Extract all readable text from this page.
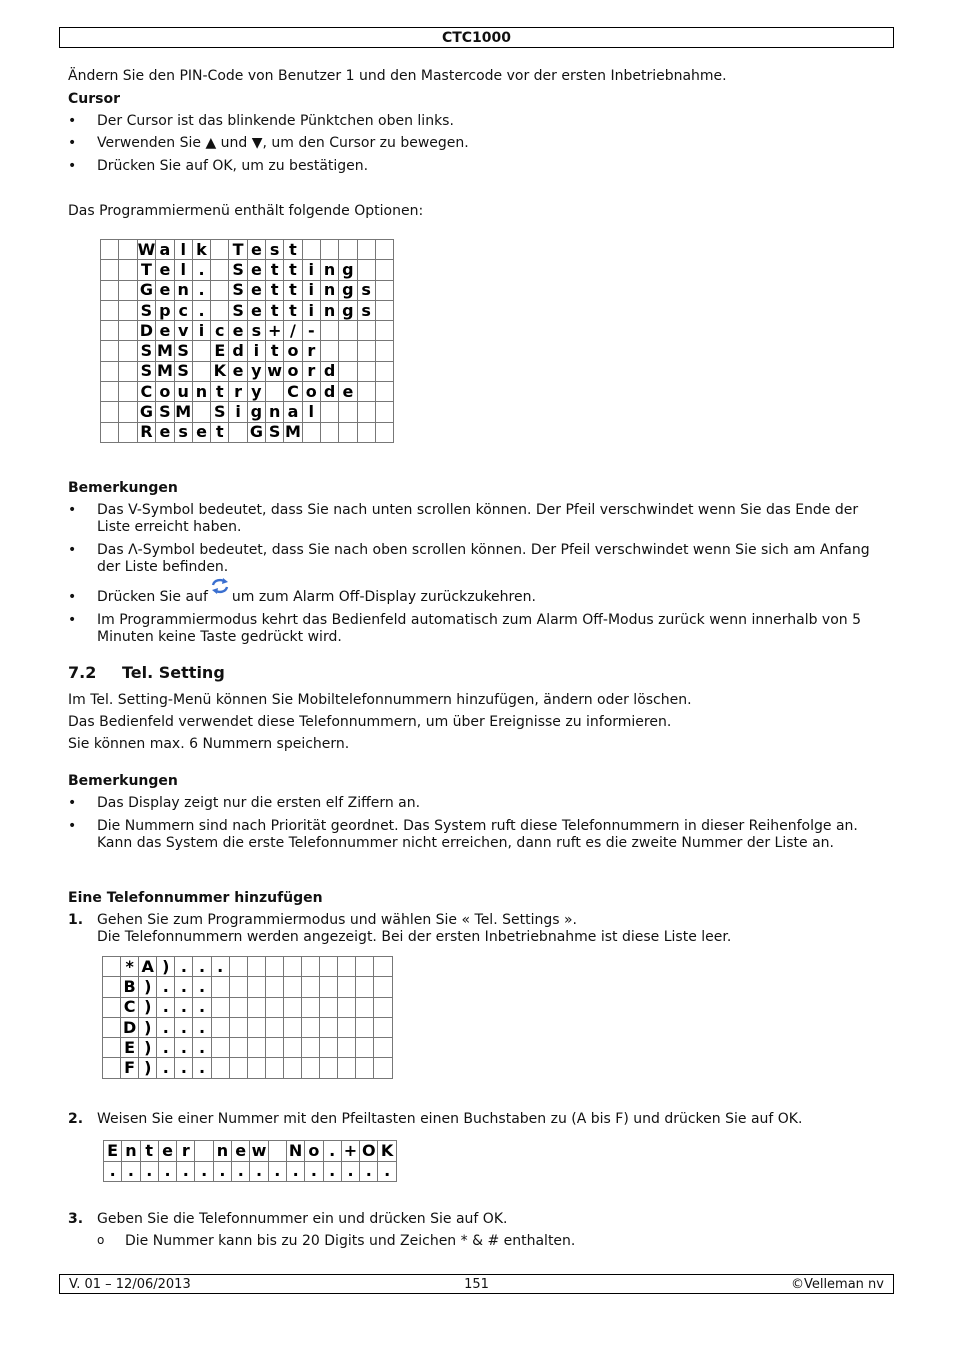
CTC1000
Ändern Sie den PIN-Code von Benutzer 1 und den Mastercode vor der ersten Inbetriebnahme.
Cursor
• Der Cursor ist das blinkende Pünktchen oben links.
• Verwenden Sie ▲ und ▼, um den Cursor zu bewegen.
• Drücken Sie auf OK, um zu bestätigen.
Das Programmiermenü enthält folgende Optionen:
		W	a	l	k		T	e	s	t					
		T	e	l	.		S	e	t	t	i	n	g		
		G	e	n	.		S	e	t	t	i	n	g	s	
		S	p	c	.		S	e	t	t	i	n	g	s	
		D	e	v	i	c	e	s	+	/	-				
		S	M	S		E	d	i	t	o	r				
		S	M	S		K	e	y	w	o	r	d			
		C	o	u	n	t	r	y		C	o	d	e		
		G	S	M		S	i	g	n	a	l				
		R	e	s	e	t		G	S	M					
Bemerkungen
• Das V-Symbol bedeutet, dass Sie nach unten scrollen können. Der Pfeil verschwindet wenn Sie das Ende der Liste erreicht haben.
• Das Λ-Symbol bedeutet, dass Sie nach oben scrollen können. Der Pfeil verschwindet wenn Sie sich am Anfang der Liste befinden.
• Drücken Sie auf um zum Alarm Off-Display zurückzukehren.
• Im Programmiermodus kehrt das Bedienfeld automatisch zum Alarm Off-Modus zurück wenn innerhalb von 5 Minuten keine Taste gedrückt wird.
7.2 Tel. Setting
Im Tel. Setting-Menü können Sie Mobiltelefonnummern hinzufügen, ändern oder löschen.
Das Bedienfeld verwendet diese Telefonnummern, um über Ereignisse zu informieren.
Sie können max. 6 Nummern speichern.
Bemerkungen
• Das Display zeigt nur die ersten elf Ziffern an.
• Die Nummern sind nach Priorität geordnet. Das System ruft diese Telefonnummern in dieser Reihenfolge an. Kann das System die erste Telefonnummer nicht erreichen, dann ruft es die zweite Nummer der Liste an.
Eine Telefonnummer hinzufügen
1. Gehen Sie zum Programmiermodus und wählen Sie « Tel. Settings ».
Die Telefonnummern werden angezeigt. Bei der ersten Inbetriebnahme ist diese Liste leer.
	*	A	)	.	.	.									
	B	)	.	.	.										
	C	)	.	.	.										
	D	)	.	.	.										
	E	)	.	.	.										
	F	)	.	.	.										
2. Weisen Sie einer Nummer mit den Pfeiltasten einen Buchstaben zu (A bis F) und drücken Sie auf OK.
E	n	t	e	r		n	e	w		N	o	.	+	O	K
.	.	.	.	.	.	.	.	.	.	.	.	.	.	.	.
3. Geben Sie die Telefonnummer ein und drücken Sie auf OK.
o Die Nummer kann bis zu 20 Digits und Zeichen * & # enthalten.
V. 01 – 12/06/2013	151	©Velleman nv
